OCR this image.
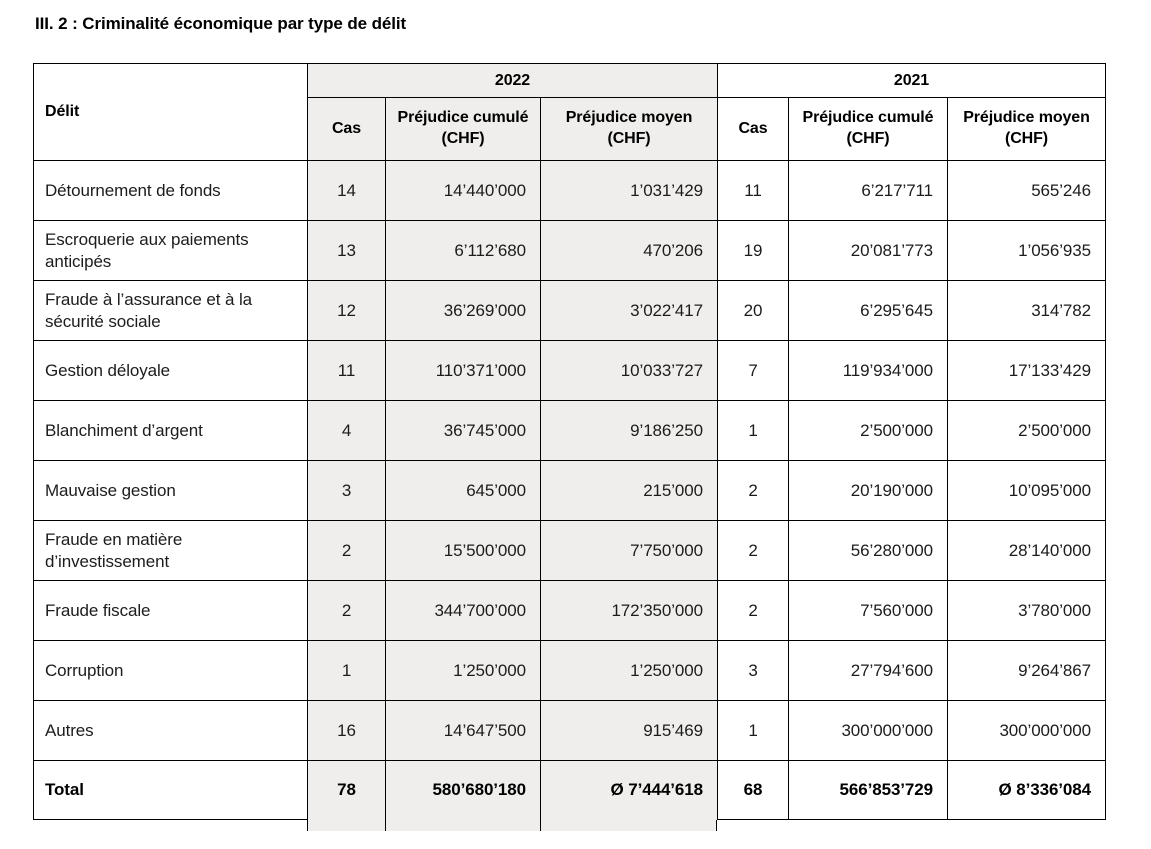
III. 2 : Criminalité économique par type de délit
Délit	2022			2021		
	Cas	Préjudice cumulé (CHF)	Préjudice moyen (CHF)	Cas	Préjudice cumulé (CHF)	Préjudice moyen (CHF)
Détournement de fonds	14	14’440’000	1’031’429	11	6’217’711	565’246
Escroquerie aux paiements anticipés	13	6’112’680	470’206	19	20’081’773	1’056’935
Fraude à l’assurance et à la sécurité sociale	12	36’269’000	3’022’417	20	6’295’645	314’782
Gestion déloyale	11	110’371’000	10’033’727	7	119’934’000	17’133’429
Blanchiment d’argent	4	36’745’000	9’186’250	1	2’500’000	2’500’000
Mauvaise gestion	3	645’000	215’000	2	20’190’000	10’095’000
Fraude en matière d’investissement	2	15’500’000	7’750’000	2	56’280’000	28’140’000
Fraude fiscale	2	344’700’000	172’350’000	2	7’560’000	3’780’000
Corruption	1	1’250’000	1’250’000	3	27’794’600	9’264’867
Autres	16	14’647’500	915’469	1	300’000’000	300’000’000
Total	78	580’680’180	Ø 7’444’618	68	566’853’729	Ø 8’336’084
